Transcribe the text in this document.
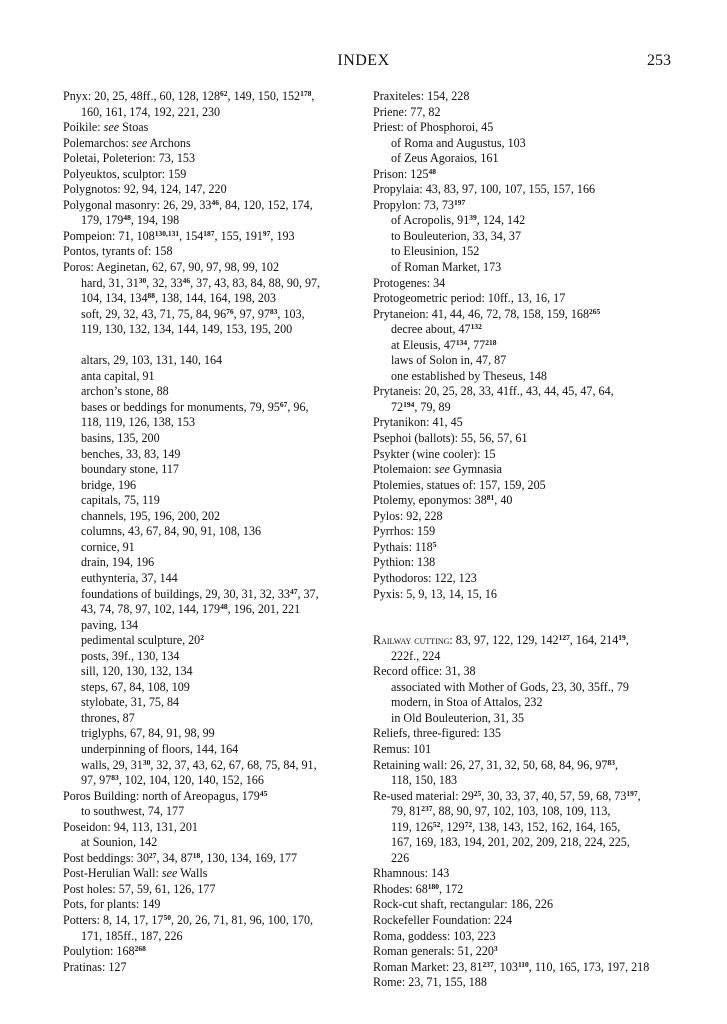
INDEX	253
Pnyx: 20, 25, 48ff., 60, 128, $128^{62}$, 149, 150, $152^{178}$,
160, 161, 174, 192, 221, 230
Poikile: see Stoas
Polemarchos: see Archons
Poletai, Poleterion: 73, 153
Polyeuktos, sculptor: 159
Polygnotos: 92, 94, 124, 147, 220
Polygonal masonry: 26, 29, $33^{46}$, 84, 120, 152, 174,
179, $179^{48}$, 194, 198
Pompeion: 71, 108$^{130,131}$, $154^{187}$, 155, $191^{97}$, 193
Pontos, tyrants of: 158
Poros: Aeginetan, 62, 67, 90, 97, 98, 99, 102
hard, 31, $31^{30}$, 32, $33^{46}$, 37, 43, 83, 84, 88, 90, 97,
104, 134, $134^{88}$, 138, 144, 164, 198, 203
soft, 29, 32, 43, 71, 75, 84, $96^{76}$, 97, $97^{83}$, 103,
119, 130, 132, 134, 144, 149, 153, 195, 200
altars, 29, 103, 131, 140, 164
anta capital, 91
archon’s stone, 88
bases or beddings for monuments, 79, $95^{67}$, 96,
118, 119, 126, 138, 153
basins, 135, 200
benches, 33, 83, 149
boundary stone, 117
bridge, 196
capitals, 75, 119
channels, 195, 196, 200, 202
columns, 43, 67, 84, 90, 91, 108, 136
cornice, 91
drain, 194, 196
euthynteria, 37, 144
foundations of buildings, 29, 30, 31, 32, $33^{47}$, 37,
43, 74, 78, 97, 102, 144, $179^{48}$, 196, 201, 221
paving, 134
pedimental sculpture, $20^2$
posts, 39f., 130, 134
sill, 120, 130, 132, 134
steps, 67, 84, 108, 109
stylobate, 31, 75, 84
thrones, 87
triglyphs, 67, 84, 91, 98, 99
underpinning of floors, 144, 164
walls, 29, $31^{30}$, 32, 37, 43, 62, 67, 68, 75, 84, 91,
97, $97^{83}$, 102, 104, 120, 140, 152, 166
Poros Building: north of Areopagus, $179^{45}$
to southwest, 74, 177
Poseidon: 94, 113, 131, 201
at Sounion, 142
Post beddings: $30^{27}$, 34, $87^{18}$, 130, 134, 169, 177
Post-Herulian Wall: see Walls
Post holes: 57, 59, 61, 126, 177
Pots, for plants: 149
Potters: 8, 14, 17, $17^{50}$, 20, 26, 71, 81, 96, 100, 170,
171, 185ff., 187, 226
Poulytion: $168^{268}$
Pratinas: 127
Praxiteles: 154, 228
Priene: 77, 82
Priest: of Phosphoroi, 45
of Roma and Augustus, 103
of Zeus Agoraios, 161
Prison: $125^{48}$
Propylaia: 43, 83, 97, 100, 107, 155, 157, 166
Propylon: 73, $73^{197}$
of Acropolis, $91^{39}$, 124, 142
to Bouleuterion, 33, 34, 37
to Eleusinion, 152
of Roman Market, 173
Protogenes: 34
Protogeometric period: 10ff., 13, 16, 17
Prytaneion: 41, 44, 46, 72, 78, 158, 159, $168^{265}$
decree about, $47^{132}$
at Eleusis, $47^{134}$, $77^{218}$
laws of Solon in, 47, 87
one established by Theseus, 148
Prytaneis: 20, 25, 28, 33, 41ff., 43, 44, 45, 47, 64,
$72^{194}$, 79, 89
Prytanikon: 41, 45
Psephoi (ballots): 55, 56, 57, 61
Psykter (wine cooler): 15
Ptolemaion: see Gymnasia
Ptolemies, statues of: 157, 159, 205
Ptolemy, eponymos: $38^{81}$, 40
Pylos: 92, 228
Pyrrhos: 159
Pythais: $118^5$
Pythion: 138
Pythodoros: 122, 123
Pyxis: 5, 9, 13, 14, 15, 16
Railway cutting: 83, 97, 122, 129, $142^{127}$, 164, $214^{19}$,
222f., 224
Record office: 31, 38
associated with Mother of Gods, 23, 30, 35ff., 79
modern, in Stoa of Attalos, 232
in Old Bouleuterion, 31, 35
Reliefs, three-figured: 135
Remus: 101
Retaining wall: 26, 27, 31, 32, 50, 68, 84, 96, $97^{83}$,
118, 150, 183
Re-used material: $29^{25}$, 30, 33, 37, 40, 57, 59, 68, $73^{197}$,
79, $81^{237}$, 88, 90, 97, 102, 103, 108, 109, 113,
119, $126^{52}$, $129^{72}$, 138, 143, 152, 162, 164, 165,
167, 169, 183, 194, 201, 202, 209, 218, 224, 225,
226
Rhamnous: 143
Rhodes: $68^{180}$, 172
Rock-cut shaft, rectangular: 186, 226
Rockefeller Foundation: 224
Roma, goddess: 103, 223
Roman generals: 51, $220^3$
Roman Market: 23, $81^{237}$, $103^{110}$, 110, 165, 173, 197, 218
Rome: 23, 71, 155, 188
